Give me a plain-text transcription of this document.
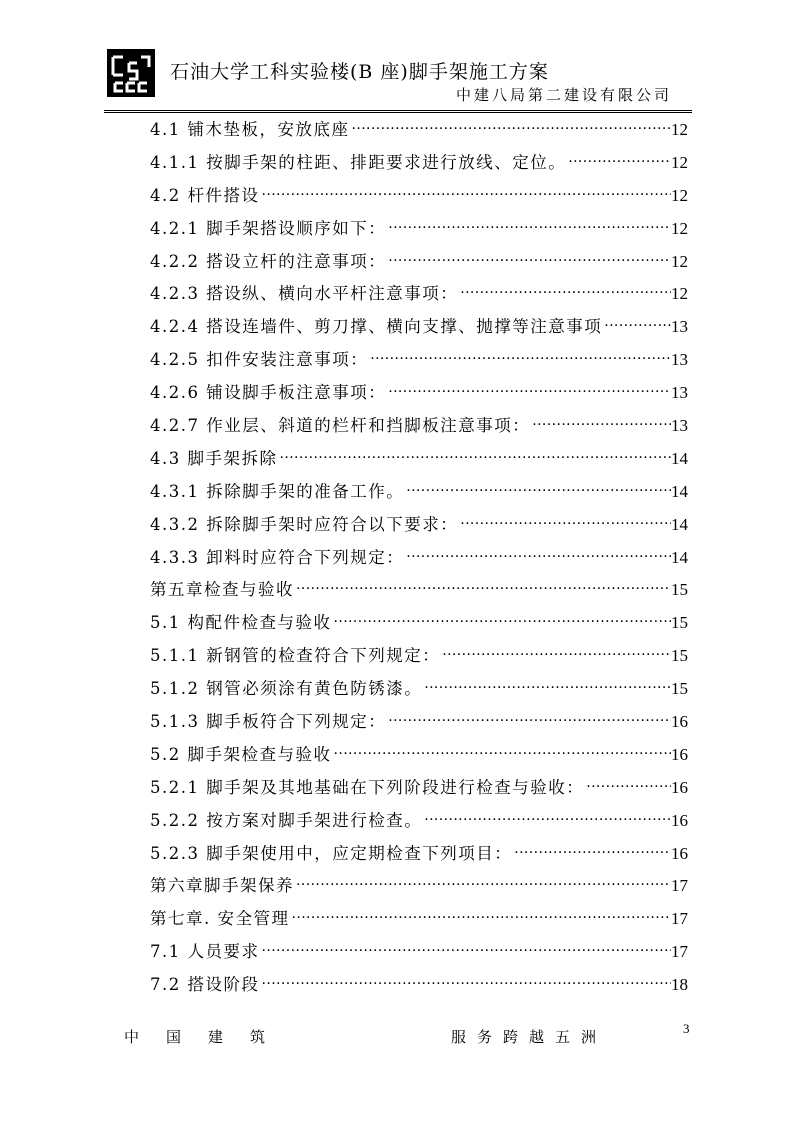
石油大学工科实验楼(B 座)脚手架施工方案
中建八局第二建设有限公司
4.1 铺木垫板，安放底座 .....	12
4.1.1 按脚手架的柱距、排距要求进行放线、定位。 .....	12
4.2 杆件搭设 .....	12
4.2.1 脚手架搭设顺序如下： .....	12
4.2.2 搭设立杆的注意事项： .....	12
4.2.3 搭设纵、横向水平杆注意事项： .....	12
4.2.4 搭设连墙件、剪刀撑、横向支撑、抛撑等注意事项 .....	13
4.2.5 扣件安装注意事项： .....	13
4.2.6 铺设脚手板注意事项： .....	13
4.2.7 作业层、斜道的栏杆和挡脚板注意事项： .....	13
4.3 脚手架拆除 .....	14
4.3.1 拆除脚手架的准备工作。 .....	14
4.3.2 拆除脚手架时应符合以下要求： .....	14
4.3.3 卸料时应符合下列规定： .....	14
第五章检查与验收 .....	15
5.1 构配件检查与验收 .....	15
5.1.1 新钢管的检查符合下列规定： .....	15
5.1.2 钢管必须涂有黄色防锈漆。 .....	15
5.1.3 脚手板符合下列规定： .....	16
5.2 脚手架检查与验收 .....	16
5.2.1 脚手架及其地基础在下列阶段进行检查与验收： .....	16
5.2.2 按方案对脚手架进行检查。 .....	16
5.2.3 脚手架使用中，应定期检查下列项目： .....	16
第六章脚手架保养 .....	17
第七章. 安全管理 .....	17
7.1 人员要求 .....	17
7.2 搭设阶段 .....	18
中国建筑	服务跨越五洲	3
